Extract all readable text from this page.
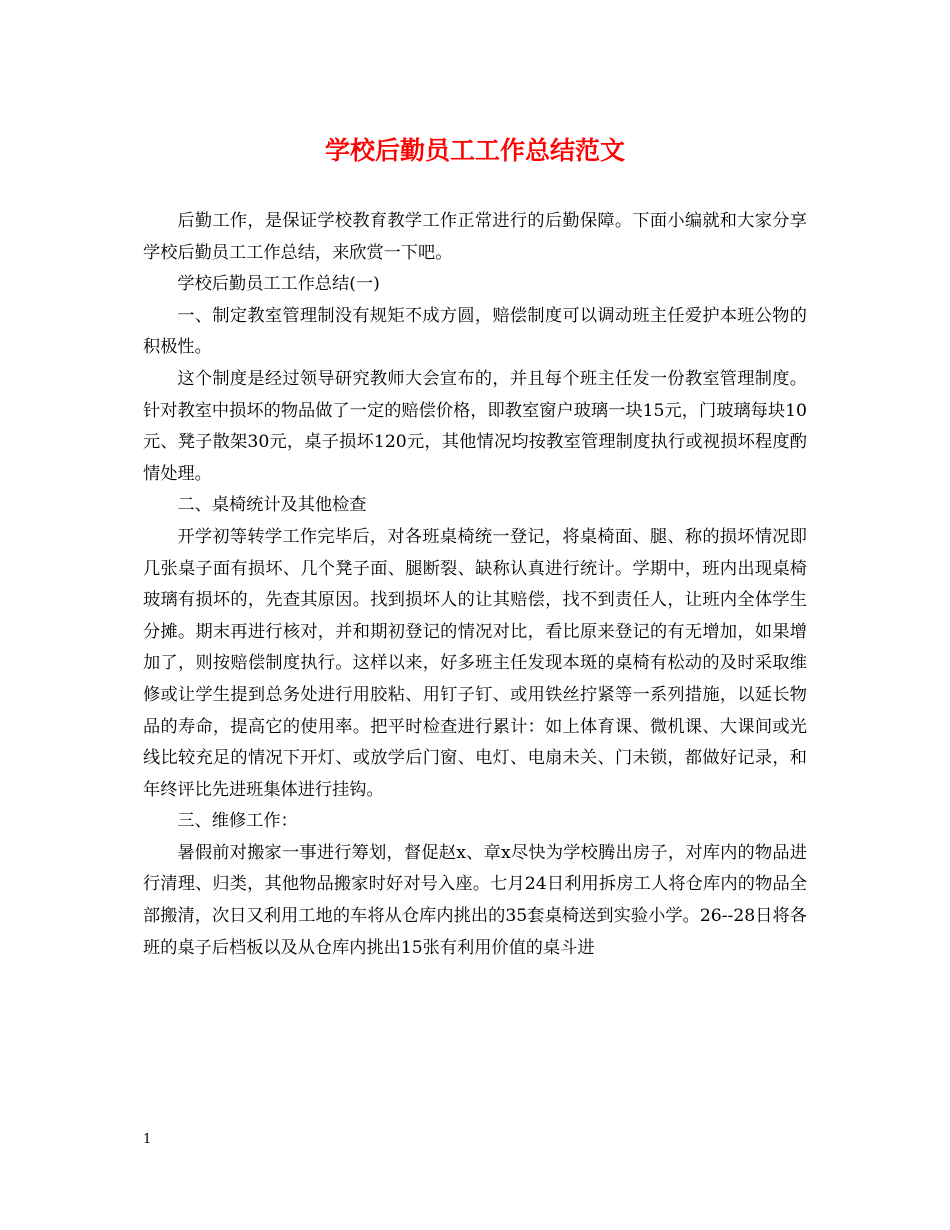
学校后勤员工工作总结范文

后勤工作，是保证学校教育教学工作正常进行的后勤保障。下面小编就和大家分享学校后勤员工工作总结，来欣赏一下吧。

学校后勤员工工作总结(一)

一、制定教室管理制没有规矩不成方圆，赔偿制度可以调动班主任爱护本班公物的积极性。

这个制度是经过领导研究教师大会宣布的，并且每个班主任发一份教室管理制度。针对教室中损坏的物品做了一定的赔偿价格，即教室窗户玻璃一块15元，门玻璃每块10元、凳子散架30元，桌子损坏120元，其他情况均按教室管理制度执行或视损坏程度酌情处理。

二、桌椅统计及其他检查

开学初等转学工作完毕后，对各班桌椅统一登记，将桌椅面、腿、称的损坏情况即几张桌子面有损坏、几个凳子面、腿断裂、缺称认真进行统计。学期中，班内出现桌椅玻璃有损坏的，先查其原因。找到损坏人的让其赔偿，找不到责任人，让班内全体学生分摊。期末再进行核对，并和期初登记的情况对比，看比原来登记的有无增加，如果增加了，则按赔偿制度执行。这样以来，好多班主任发现本斑的桌椅有松动的及时采取维修或让学生提到总务处进行用胶粘、用钉子钉、或用铁丝拧紧等一系列措施，以延长物品的寿命，提高它的使用率。把平时检查进行累计：如上体育课、微机课、大课间或光线比较充足的情况下开灯、或放学后门窗、电灯、电扇未关、门未锁，都做好记录，和年终评比先进班集体进行挂钩。

三、维修工作：

暑假前对搬家一事进行筹划，督促赵x、章x尽快为学校腾出房子，对库内的物品进行清理、归类，其他物品搬家时好对号入座。七月24日利用拆房工人将仓库内的物品全部搬清，次日又利用工地的车将从仓库内挑出的35套桌椅送到实验小学。26--28日将各班的桌子后档板以及从仓库内挑出15张有利用价值的桌斗进

1
